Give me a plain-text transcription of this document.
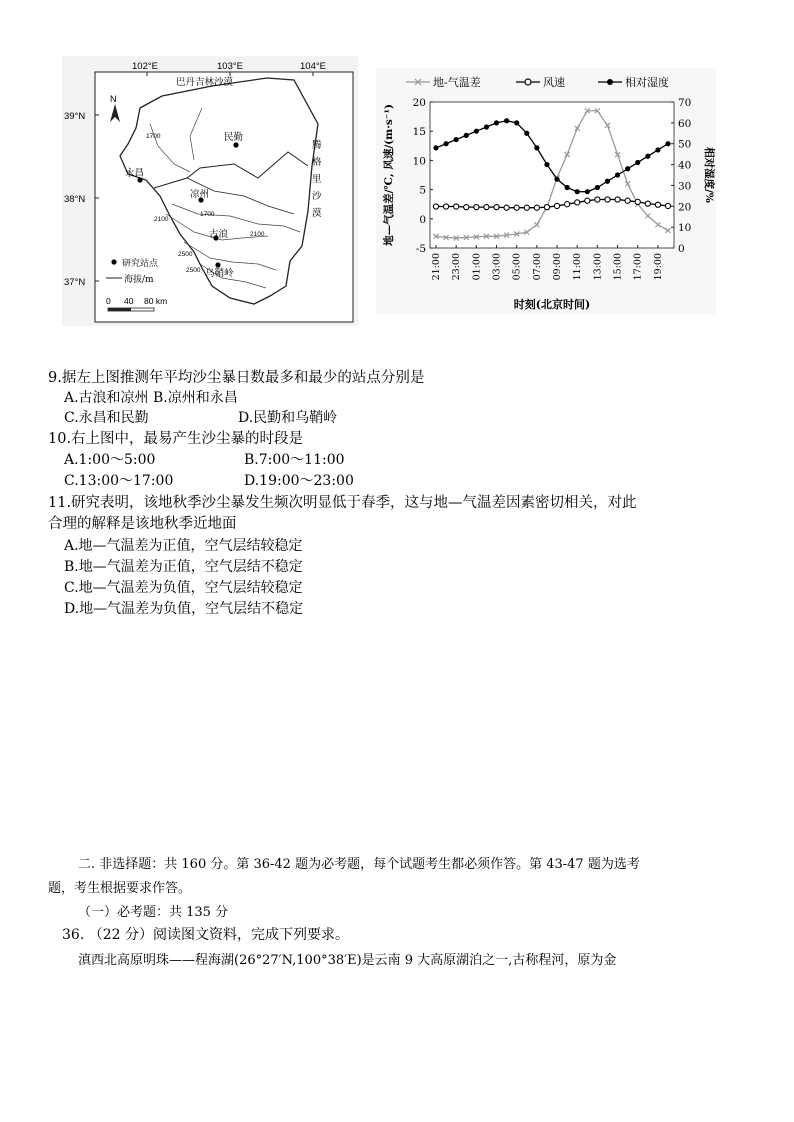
102°E	103°E	104°E
39°N
38°N
37°N
N
巴丹吉林沙漠
腾
格
里
沙
漠
民勤
永昌
凉州
古浪
乌鞘岭
1700
1700
2100
2100
2500
2500
研究站点
海拔/m
0 40 80 km
地-气温差	风速	相对湿度
20
15
10
5
0
-5
70
60
50
40
30
20
10
0
21:00 23:00 01:00 03:00 05:00 07:00 09:00 11:00 13:00 15:00 17:00 19:00
地—气温差/℃, 风速/(m·s⁻¹)	相对湿度/%
时刻(北京时间)
9.据左上图推测年平均沙尘暴日数最多和最少的站点分别是
A.古浪和凉州 B.凉州和永昌
C.永昌和民勤	D.民勤和乌鞘岭
10.右上图中，最易产生沙尘暴的时段是
A.1:00～5:00	B.7:00～11:00
C.13:00～17:00	D.19:00～23:00
11.研究表明，该地秋季沙尘暴发生频次明显低于春季，这与地—气温差因素密切相关，对此
合理的解释是该地秋季近地面
A.地—气温差为正值，空气层结较稳定
B.地—气温差为正值，空气层结不稳定
C.地—气温差为负值，空气层结较稳定
D.地—气温差为负值，空气层结不稳定
二. 非选择题：共 160 分。第 36-42 题为必考题，每个试题考生都必须作答。第 43-47 题为选考
题，考生根据要求作答。
（一）必考题：共 135 分
36. （22 分）阅读图文资料，完成下列要求。
滇西北高原明珠——程海湖(26°27′N,100°38′E)是云南 9 大高原湖泊之一,古称程河，原为金
